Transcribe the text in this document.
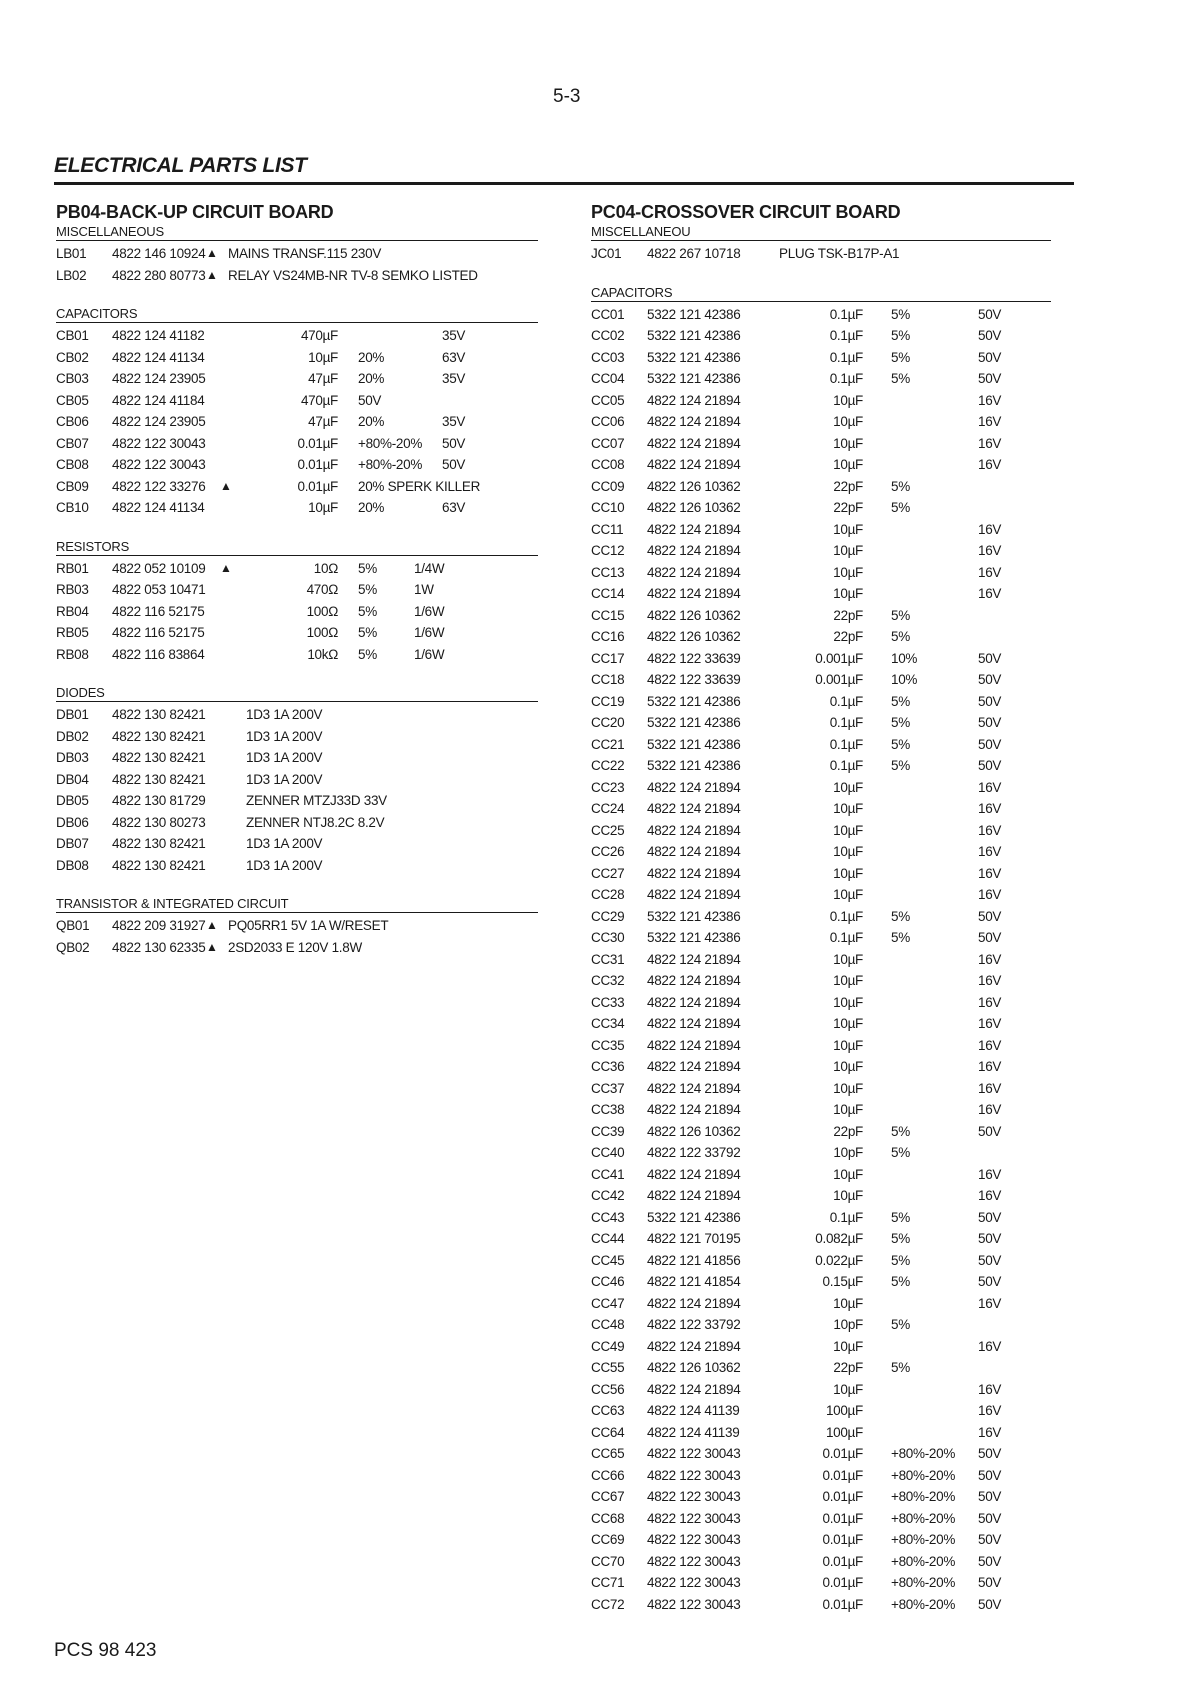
5-3
ELECTRICAL PARTS LIST
PB04-BACK-UP CIRCUIT BOARD
MISCELLANEOUS
LB01 4822 146 10924 ▲ MAINS TRANSF.115 230V
LB02 4822 280 80773 ▲ RELAY VS24MB-NR TV-8 SEMKO LISTED
CAPACITORS
CB01 4822 124 41182	470µF	35V
CB02 4822 124 41134	10µF 20%	63V
CB03 4822 124 23905	47µF 20%	35V
CB05 4822 124 41184	470µF 50V
CB06 4822 124 23905	47µF 20%	35V
CB07 4822 122 30043	0.01µF +80%-20% 50V
CB08 4822 122 30043	0.01µF +80%-20% 50V
CB09 4822 122 33276 ▲	0.01µF 20% SPERK KILLER
CB10 4822 124 41134	10µF 20%	63V
RESISTORS
RB01 4822 052 10109 ▲	10Ω 5%	1/4W
RB03 4822 053 10471	470Ω 5%	1W
RB04 4822 116 52175	100Ω 5%	1/6W
RB05 4822 116 52175	100Ω 5%	1/6W
RB08 4822 116 83864	10kΩ 5%	1/6W
DIODES
DB01 4822 130 82421	1D3 1A 200V
DB02 4822 130 82421	1D3 1A 200V
DB03 4822 130 82421	1D3 1A 200V
DB04 4822 130 82421	1D3 1A 200V
DB05 4822 130 81729	ZENNER MTZJ33D 33V
DB06 4822 130 80273	ZENNER NTJ8.2C 8.2V
DB07 4822 130 82421	1D3 1A 200V
DB08 4822 130 82421	1D3 1A 200V
TRANSISTOR & INTEGRATED CIRCUIT
QB01 4822 209 31927 ▲ PQ05RR1 5V 1A W/RESET
QB02 4822 130 62335 ▲ 2SD2033 E 120V 1.8W
PC04-CROSSOVER CIRCUIT BOARD
MISCELLANEOU
JC01 4822 267 10718	PLUG TSK-B17P-A1
CAPACITORS
CC01 5322 121 42386	0.1µF 5%	50V
CC02 5322 121 42386	0.1µF 5%	50V
CC03 5322 121 42386	0.1µF 5%	50V
CC04 5322 121 42386	0.1µF 5%	50V
CC05 4822 124 21894	10µF	16V
CC06 4822 124 21894	10µF	16V
CC07 4822 124 21894	10µF	16V
CC08 4822 124 21894	10µF	16V
CC09 4822 126 10362	22pF 5%
CC10 4822 126 10362	22pF 5%
CC11 4822 124 21894	10µF	16V
CC12 4822 124 21894	10µF	16V
CC13 4822 124 21894	10µF	16V
CC14 4822 124 21894	10µF	16V
CC15 4822 126 10362	22pF 5%
CC16 4822 126 10362	22pF 5%
CC17 4822 122 33639	0.001µF 10%	50V
CC18 4822 122 33639	0.001µF 10%	50V
CC19 5322 121 42386	0.1µF 5%	50V
CC20 5322 121 42386	0.1µF 5%	50V
CC21 5322 121 42386	0.1µF 5%	50V
CC22 5322 121 42386	0.1µF 5%	50V
CC23 4822 124 21894	10µF	16V
CC24 4822 124 21894	10µF	16V
CC25 4822 124 21894	10µF	16V
CC26 4822 124 21894	10µF	16V
CC27 4822 124 21894	10µF	16V
CC28 4822 124 21894	10µF	16V
CC29 5322 121 42386	0.1µF 5%	50V
CC30 5322 121 42386	0.1µF 5%	50V
CC31 4822 124 21894	10µF	16V
CC32 4822 124 21894	10µF	16V
CC33 4822 124 21894	10µF	16V
CC34 4822 124 21894	10µF	16V
CC35 4822 124 21894	10µF	16V
CC36 4822 124 21894	10µF	16V
CC37 4822 124 21894	10µF	16V
CC38 4822 124 21894	10µF	16V
CC39 4822 126 10362	22pF 5%	50V
CC40 4822 122 33792	10pF 5%
CC41 4822 124 21894	10µF	16V
CC42 4822 124 21894	10µF	16V
CC43 5322 121 42386	0.1µF 5%	50V
CC44 4822 121 70195	0.082µF 5%	50V
CC45 4822 121 41856	0.022µF 5%	50V
CC46 4822 121 41854	0.15µF 5%	50V
CC47 4822 124 21894	10µF	16V
CC48 4822 122 33792	10pF 5%
CC49 4822 124 21894	10µF	16V
CC55 4822 126 10362	22pF 5%
CC56 4822 124 21894	10µF	16V
CC63 4822 124 41139	100µF	16V
CC64 4822 124 41139	100µF	16V
CC65 4822 122 30043	0.01µF +80%-20% 50V
CC66 4822 122 30043	0.01µF +80%-20% 50V
CC67 4822 122 30043	0.01µF +80%-20% 50V
CC68 4822 122 30043	0.01µF +80%-20% 50V
CC69 4822 122 30043	0.01µF +80%-20% 50V
CC70 4822 122 30043	0.01µF +80%-20% 50V
CC71 4822 122 30043	0.01µF +80%-20% 50V
CC72 4822 122 30043	0.01µF +80%-20% 50V
PCS 98 423
